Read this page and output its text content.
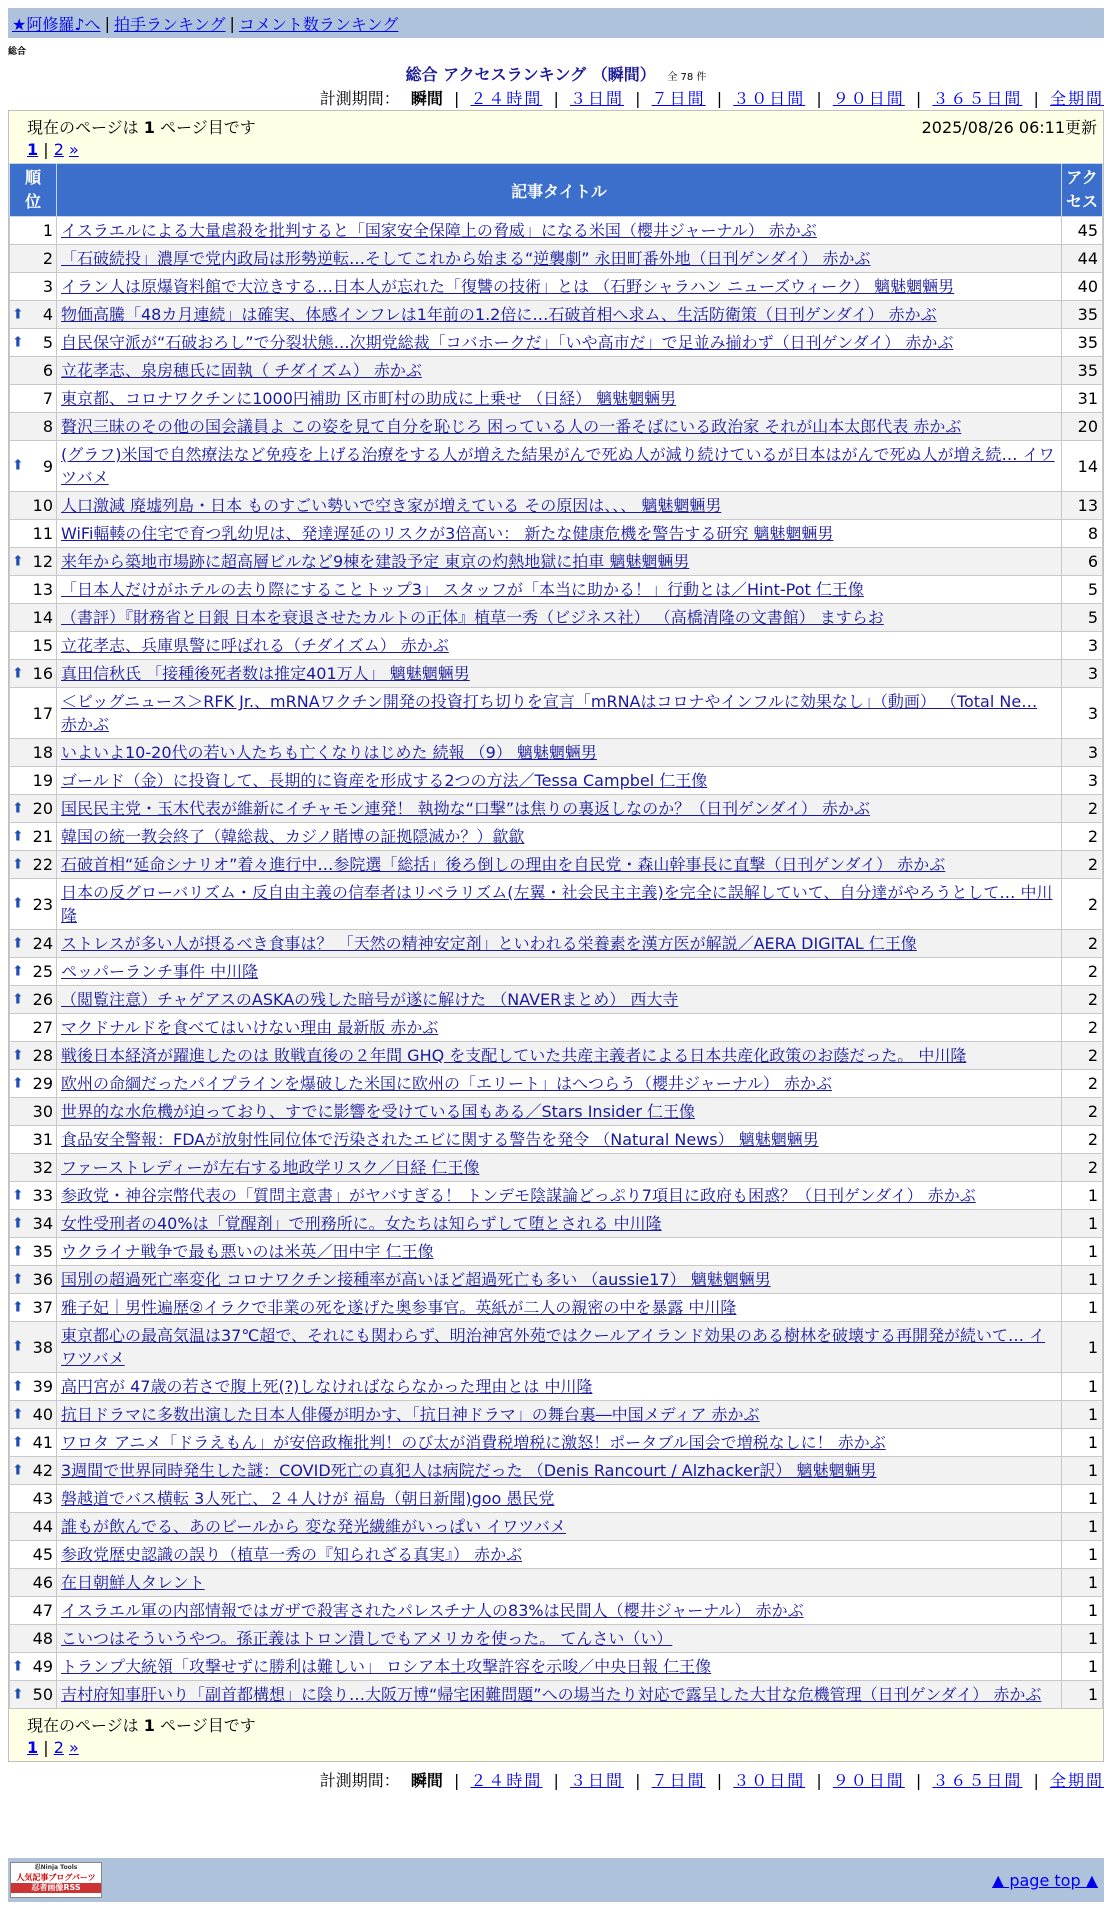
★阿修羅♪へ | 拍手ランキング | コメント数ランキング
総合
総合 アクセスランキング （瞬間） 全 78 件
計測期間： 瞬間 | ２４時間 | ３日間 | ７日間 | ３０日間 | ９０日間 | ３６５日間 | 全期間
現在のページは 1 ページ目です	2025/08/26 06:11更新
1 | 2 »
順
位	記事タイトル	アク
セス
1	イスラエルによる大量虐殺を批判すると「国家安全保障上の脅威」になる米国（櫻井ジャーナル） 赤かぶ	45
2	「石破続投」濃厚で党内政局は形勢逆転…そしてこれから始まる“逆襲劇” 永田町番外地（日刊ゲンダイ） 赤かぶ	44
3	イラン人は原爆資料館で大泣きする…日本人が忘れた「復讐の技術」とは （石野シャラハン ニューズウィーク） 魑魅魍魎男	40

⬆ 4	物価高騰「48カ月連続」は確実、体感インフレは1年前の1.2倍に…石破首相へ求ム、生活防衛策（日刊ゲンダイ） 赤かぶ	35

⬆ 5	自民保守派が“石破おろし”で分裂状態…次期党総裁「コバホークだ」「いや高市だ」で足並み揃わず（日刊ゲンダイ） 赤かぶ	35
6	立花孝志、泉房穂氏に固執（ チダイズム） 赤かぶ	35
7	東京都、コロナワクチンに1000円補助 区市町村の助成に上乗せ （日経） 魑魅魍魎男	31
8	贅沢三昧のその他の国会議員よ この姿を見て自分を恥じろ 困っている人の一番そばにいる政治家 それが山本太郎代表 赤かぶ	20

⬆ 9	(グラフ)米国で自然療法など免疫を上げる治療をする人が増えた結果がんで死ぬ人が減り続けているが日本はがんで死ぬ人が増え続… イワツバメ	14
10	人口激減 廃墟列島・日本 ものすごい勢いで空き家が増えている その原因は、、、 魑魅魍魎男	13
11	WiFi輻輳の住宅で育つ乳幼児は、発達遅延のリスクが3倍高い： 新たな健康危機を警告する研究 魑魅魍魎男	8

⬆ 12	来年から築地市場跡に超高層ビルなど9棟を建設予定 東京の灼熱地獄に拍車 魑魅魍魎男	6
13	「日本人だけがホテルの去り際にすることトップ3」 スタッフが「本当に助かる！」行動とは／Hint-Pot 仁王像	5
14	（書評）『財務省と日銀 日本を衰退させたカルトの正体』植草一秀（ビジネス社） （高橋清隆の文書館） ますらお	5
15	立花孝志、兵庫県警に呼ばれる（チダイズム） 赤かぶ	3

⬆ 16	真田信秋氏 「接種後死者数は推定401万人」 魑魅魍魎男	3
17	＜ビッグニュース＞RFK Jr.、mRNAワクチン開発の投資打ち切りを宣言「mRNAはコロナやインフルに効果なし」（動画） （Total Ne… 赤かぶ	3
18	いよいよ10-20代の若い人たちも亡くなりはじめた 続報 （9） 魑魅魍魎男	3
19	ゴールド（金）に投資して、長期的に資産を形成する2つの方法／Tessa Campbel 仁王像	3

⬆ 20	国民民主党・玉木代表が維新にイチャモン連発！ 執拗な“口撃”は焦りの裏返しなのか？（日刊ゲンダイ） 赤かぶ	2

⬆ 21	韓国の統一教会終了（韓総裁、カジノ賭博の証拠隠滅か？）歙歙	2

⬆ 22	石破首相“延命シナリオ”着々進行中…参院選「総括」後ろ倒しの理由を自民党・森山幹事長に直撃（日刊ゲンダイ） 赤かぶ	2

⬆ 23	日本の反グローバリズム・反自由主義の信奉者はリベラリズム(左翼・社会民主主義)を完全に誤解していて、自分達がやろうとして… 中川隆	2

⬆ 24	ストレスが多い人が摂るべき食事は？ 「天然の精神安定剤」といわれる栄養素を漢方医が解説／AERA DIGITAL 仁王像	2

⬆ 25	ペッパーランチ事件 中川隆	2

⬆ 26	（閲覧注意）チャゲアスのASKAの残した暗号が遂に解けた （NAVERまとめ） 西大寺	2
27	マクドナルドを食べてはいけない理由 最新版 赤かぶ	2

⬆ 28	戦後日本経済が躍進したのは 敗戦直後の２年間 GHQ を支配していた共産主義者による日本共産化政策のお蔭だった。 中川隆	2

⬆ 29	欧州の命綱だったパイプラインを爆破した米国に欧州の「エリート」はへつらう（櫻井ジャーナル） 赤かぶ	2
30	世界的な水危機が迫っており、すでに影響を受けている国もある／Stars Insider 仁王像	2
31	食品安全警報：FDAが放射性同位体で汚染されたエビに関する警告を発令 （Natural News） 魑魅魍魎男	2
32	ファーストレディーが左右する地政学リスク／日経 仁王像	2

⬆ 33	参政党・神谷宗幣代表の「質問主意書」がヤバすぎる！ トンデモ陰謀論どっぷり7項目に政府も困惑？（日刊ゲンダイ） 赤かぶ	1

⬆ 34	女性受刑者の40%は「覚醒剤」で刑務所に。女たちは知らずして堕とされる 中川隆	1

⬆ 35	ウクライナ戦争で最も悪いのは米英／田中宇 仁王像	1

⬆ 36	国別の超過死亡率変化 コロナワクチン接種率が高いほど超過死亡も多い （aussie17） 魑魅魍魎男	1

⬆ 37	雅子妃｜男性遍歴②イラクで非業の死を遂げた奥参事官。英紙が二人の親密の中を暴露 中川隆	1

⬆ 38	東京都心の最高気温は37℃超で、それにも関わらず、明治神宮外苑ではクールアイランド効果のある樹林を破壊する再開発が続いて… イワツバメ	1

⬆ 39	高円宮が 47歳の若さで腹上死(?)しなければならなかった理由とは 中川隆	1

⬆ 40	抗日ドラマに多数出演した日本人俳優が明かす、「抗日神ドラマ」の舞台裏―中国メディア 赤かぶ	1

⬆ 41	ワロタ アニメ「ドラえもん」が安倍政権批判！のび太が消費税増税に激怒！ポータブル国会で増税なしに！ 赤かぶ	1

⬆ 42	3週間で世界同時発生した謎：COVID死亡の真犯人は病院だった （Denis Rancourt / Alzhacker訳） 魑魅魍魎男	1
43	磐越道でバス横転 3人死亡、２４人けが 福島（朝日新聞)goo 愚民党	1
44	誰もが飲んでる、あのビールから 変な発光繊維がいっぱい イワツバメ	1
45	参政党歴史認識の誤り（植草一秀の『知られざる真実』） 赤かぶ	1
46	在日朝鮮人タレント	1
47	イスラエル軍の内部情報ではガザで殺害されたパレスチナ人の83%は民間人（櫻井ジャーナル） 赤かぶ	1
48	こいつはそういうやつ。孫正義はトロン潰しでもアメリカを使った。 てんさい（い）	1

⬆ 49	トランプ大統領「攻撃せずに勝利は難しい」 ロシア本土攻撃許容を示唆／中央日報 仁王像	1

⬆ 50	吉村府知事肝いり「副首都構想」に陰り…大阪万博“帰宅困難問題”への場当たり対応で露呈した大甘な危機管理（日刊ゲンダイ） 赤かぶ	1
現在のページは 1 ページ目です
1 | 2 »
計測期間： 瞬間 | ２４時間 | ３日間 | ７日間 | ３０日間 | ９０日間 | ３６５日間 | 全期間
忍Ninja Tools
人気記事ブログパーツ
忍者画像RSS	▲ page top ▲
